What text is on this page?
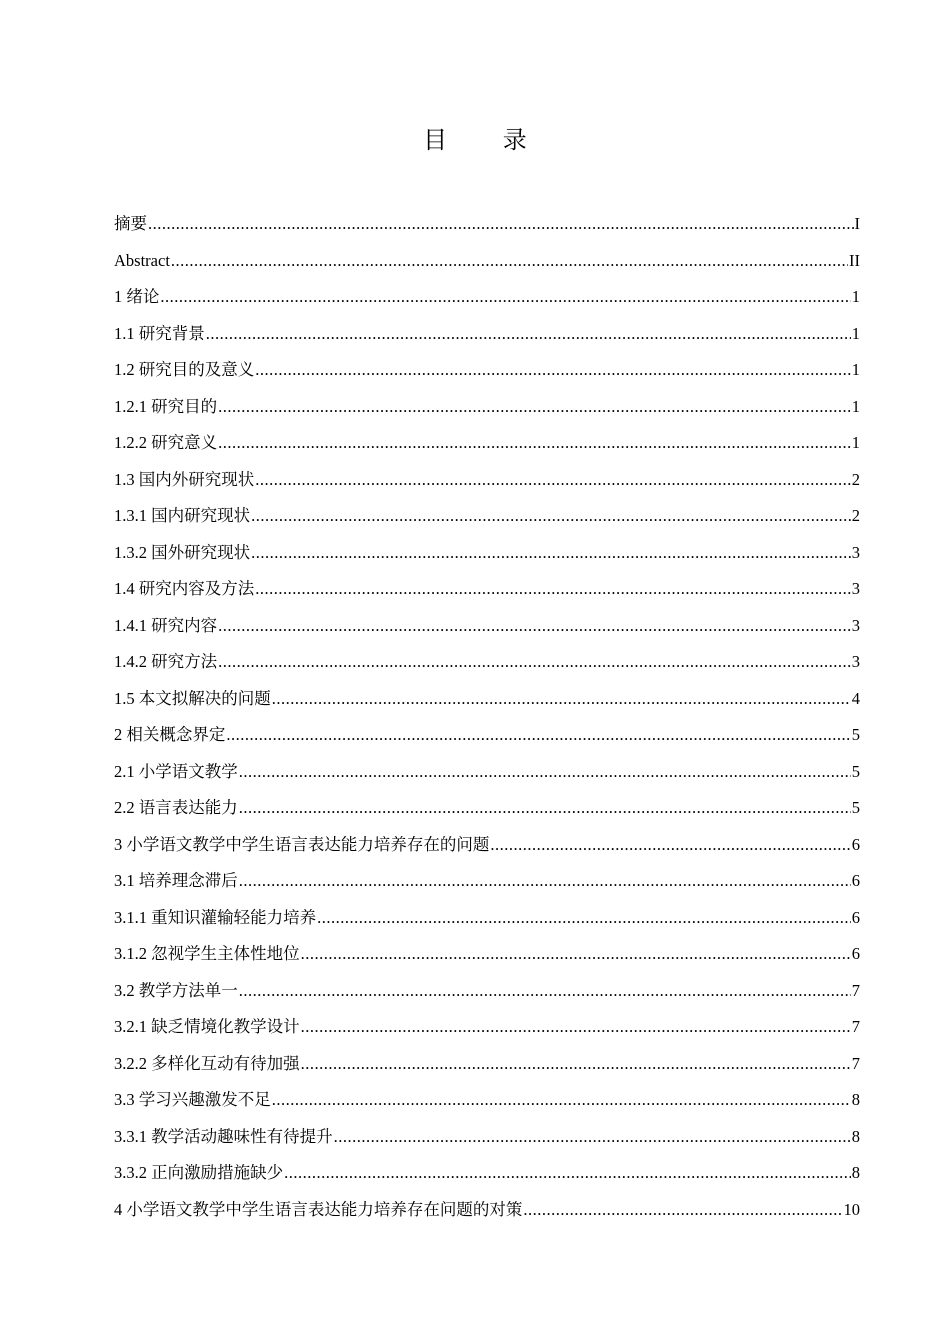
目 录
摘要 .....	I
Abstract .....	II
1 绪论 .....	1
1.1 研究背景 .....	1
1.2 研究目的及意义 .....	1
1.2.1 研究目的 .....	1
1.2.2 研究意义 .....	1
1.3 国内外研究现状 .....	2
1.3.1 国内研究现状 .....	2
1.3.2 国外研究现状 .....	3
1.4 研究内容及方法 .....	3
1.4.1 研究内容 .....	3
1.4.2 研究方法 .....	3
1.5 本文拟解决的问题 .....	4
2 相关概念界定 .....	5
2.1 小学语文教学 .....	5
2.2 语言表达能力 .....	5
3 小学语文教学中学生语言表达能力培养存在的问题 .....	6
3.1 培养理念滞后 .....	6
3.1.1 重知识灌输轻能力培养 .....	6
3.1.2 忽视学生主体性地位 .....	6
3.2 教学方法单一 .....	7
3.2.1 缺乏情境化教学设计 .....	7
3.2.2 多样化互动有待加强 .....	7
3.3 学习兴趣激发不足 .....	8
3.3.1 教学活动趣味性有待提升 .....	8
3.3.2 正向激励措施缺少 .....	8
4 小学语文教学中学生语言表达能力培养存在问题的对策 .....	10
